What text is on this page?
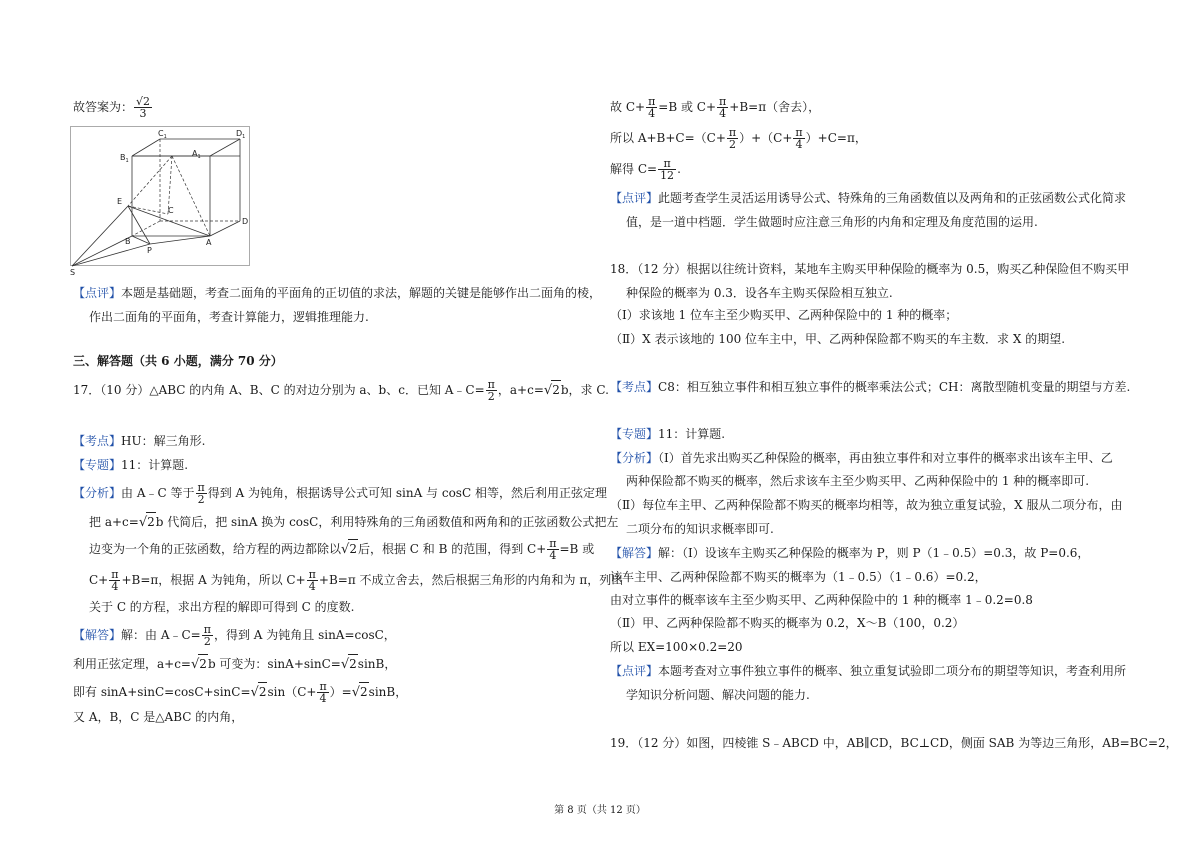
故答案为： $\frac{√2}{3}$
$C_1$	$D_1$
$B_1$
$A_1$
E
C
D
B	A
P
S
【点评】本题是基础题，考查二面角的平面角的正切值的求法，解题的关键是能够作出二面角的棱，
作出二面角的平面角，考查计算能力，逻辑推理能力.
三、解答题（共 6 小题，满分 70 分）
17．（10 分）△ABC 的内角 A、B、C 的对边分别为 a、b、c．已知 A﹣C= $\frac{\pi}{2}$ ，a+c=√2b，求 C.
【考点】HU：解三角形.
【专题】11：计算题.
【分析】由 A﹣C 等于 $\frac{\pi}{2}$ 得到 A 为钝角，根据诱导公式可知 sinA 与 cosC 相等，然后利用正弦定理
把 a+c=√2b 代简后，把 sinA 换为 cosC，利用特殊角的三角函数值和两角和的正弦函数公式把左
边变为一个角的正弦函数，给方程的两边都除以√2后，根据 C 和 B 的范围，得到 $C+ \frac{\pi}{4} =B$ 或
$C+ \frac{\pi}{4} +B=\pi$，根据 A 为钝角，所以 $C+ \frac{\pi}{4} +B=\pi$ 不成立舍去，然后根据三角形的内角和为 π，列出
关于 C 的方程，求出方程的解即可得到 C 的度数.
【解答】解：由 A﹣C= $\frac{\pi}{2}$ ，得到 A 为钝角且 sinA=cosC，
利用正弦定理，a+c=√2b 可变为：sinA+sinC=√2sinB，
即有 $\sin A+\sin C=\cos C+\sin C=√2\sin(C+ \frac{\pi}{4} )=√2\sin B$，
又 A，B，C 是△ABC 的内角，
故 $C+ \frac{\pi}{4} =B$ 或 $C+ \frac{\pi}{4} +B=\pi$（舍去），
所以 $A+B+C=(C+ \frac{\pi}{2} )+(C+ \frac{\pi}{4} )+C=\pi$，
解得 $C= \frac{\pi}{12}$ .
【点评】此题考查学生灵活运用诱导公式、特殊角的三角函数值以及两角和的正弦函数公式化简求
值，是一道中档题．学生做题时应注意三角形的内角和定理及角度范围的运用.
18．（12 分）根据以往统计资料，某地车主购买甲种保险的概率为 0.5，购买乙种保险但不购买甲
种保险的概率为 0.3．设各车主购买保险相互独立.
（Ⅰ）求该地 1 位车主至少购买甲、乙两种保险中的 1 种的概率；
（Ⅱ）X 表示该地的 100 位车主中，甲、乙两种保险都不购买的车主数．求 X 的期望.
【考点】C8：相互独立事件和相互独立事件的概率乘法公式；CH：离散型随机变量的期望与方差.
【专题】11：计算题.
【分析】（Ⅰ）首先求出购买乙种保险的概率，再由独立事件和对立事件的概率求出该车主甲、乙
两种保险都不购买的概率，然后求该车主至少购买甲、乙两种保险中的 1 种的概率即可.
（Ⅱ）每位车主甲、乙两种保险都不购买的概率均相等，故为独立重复试验，X 服从二项分布，由
二项分布的知识求概率即可.
【解答】解：（Ⅰ）设该车主购买乙种保险的概率为 P，则 P（1﹣0.5）=0.3，故 P=0.6，
该车主甲、乙两种保险都不购买的概率为（1﹣0.5）（1﹣0.6）=0.2，
由对立事件的概率该车主至少购买甲、乙两种保险中的 1 种的概率 1﹣0.2=0.8
（Ⅱ）甲、乙两种保险都不购买的概率为 0.2，X～B（100，0.2）
所以 EX=100×0.2=20
【点评】本题考查对立事件独立事件的概率、独立重复试验即二项分布的期望等知识，考查利用所
学知识分析问题、解决问题的能力.
19．（12 分）如图，四棱锥 S﹣ABCD 中，AB∥CD，BC⊥CD，侧面 SAB 为等边三角形，AB=BC=2，
第 8 页（共 12 页）
